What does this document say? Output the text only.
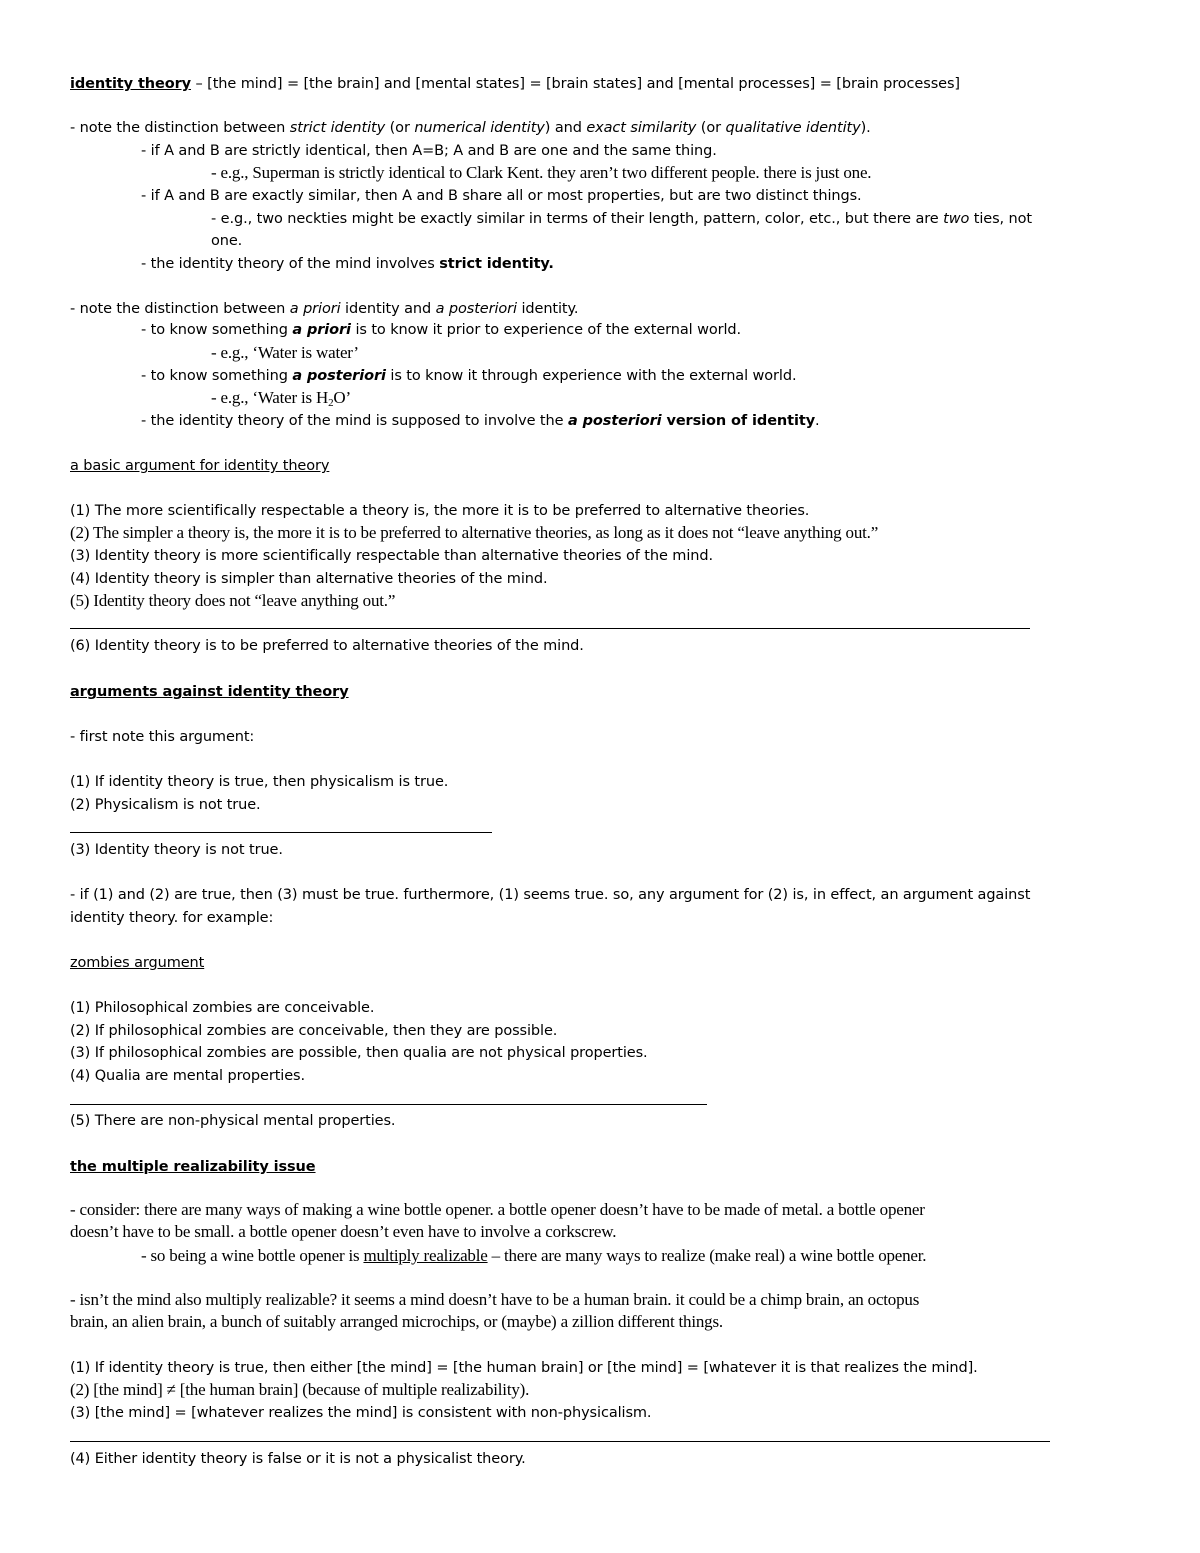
identity theory – [the mind] = [the brain] and [mental states] = [brain states] and [mental processes] = [brain processes]
- note the distinction between strict identity (or numerical identity) and exact similarity (or qualitative identity).
- if A and B are strictly identical, then A=B; A and B are one and the same thing.
- e.g., Superman is strictly identical to Clark Kent. they aren’t two different people. there is just one.
- if A and B are exactly similar, then A and B share all or most properties, but are two distinct things.
- e.g., two neckties might be exactly similar in terms of their length, pattern, color, etc., but there are two ties, not
one.
- the identity theory of the mind involves strict identity.
- note the distinction between a priori identity and a posteriori identity.
- to know something a priori is to know it prior to experience of the external world.
- e.g., ‘Water is water’
- to know something a posteriori is to know it through experience with the external world.
- e.g., ‘Water is $H_2O$’
- the identity theory of the mind is supposed to involve the a posteriori version of identity.
a basic argument for identity theory
(1) The more scientifically respectable a theory is, the more it is to be preferred to alternative theories.
(2) The simpler a theory is, the more it is to be preferred to alternative theories, as long as it does not “leave anything out.”
(3) Identity theory is more scientifically respectable than alternative theories of the mind.
(4) Identity theory is simpler than alternative theories of the mind.
(5) Identity theory does not “leave anything out.”
(6) Identity theory is to be preferred to alternative theories of the mind.
arguments against identity theory
- first note this argument:
(1) If identity theory is true, then physicalism is true.
(2) Physicalism is not true.
(3) Identity theory is not true.
- if (1) and (2) are true, then (3) must be true. furthermore, (1) seems true. so, any argument for (2) is, in effect, an argument against
identity theory. for example:
zombies argument
(1) Philosophical zombies are conceivable.
(2) If philosophical zombies are conceivable, then they are possible.
(3) If philosophical zombies are possible, then qualia are not physical properties.
(4) Qualia are mental properties.
(5) There are non-physical mental properties.
the multiple realizability issue
- consider: there are many ways of making a wine bottle opener. a bottle opener doesn’t have to be made of metal. a bottle opener
doesn’t have to be small. a bottle opener doesn’t even have to involve a corkscrew.
- so being a wine bottle opener is multiply realizable – there are many ways to realize (make real) a wine bottle opener.
- isn’t the mind also multiply realizable? it seems a mind doesn’t have to be a human brain. it could be a chimp brain, an octopus
brain, an alien brain, a bunch of suitably arranged microchips, or (maybe) a zillion different things.
(1) If identity theory is true, then either [the mind] = [the human brain] or [the mind] = [whatever it is that realizes the mind].
(2) [the mind] ≠ [the human brain] (because of multiple realizability).
(3) [the mind] = [whatever realizes the mind] is consistent with non-physicalism.
(4) Either identity theory is false or it is not a physicalist theory.
